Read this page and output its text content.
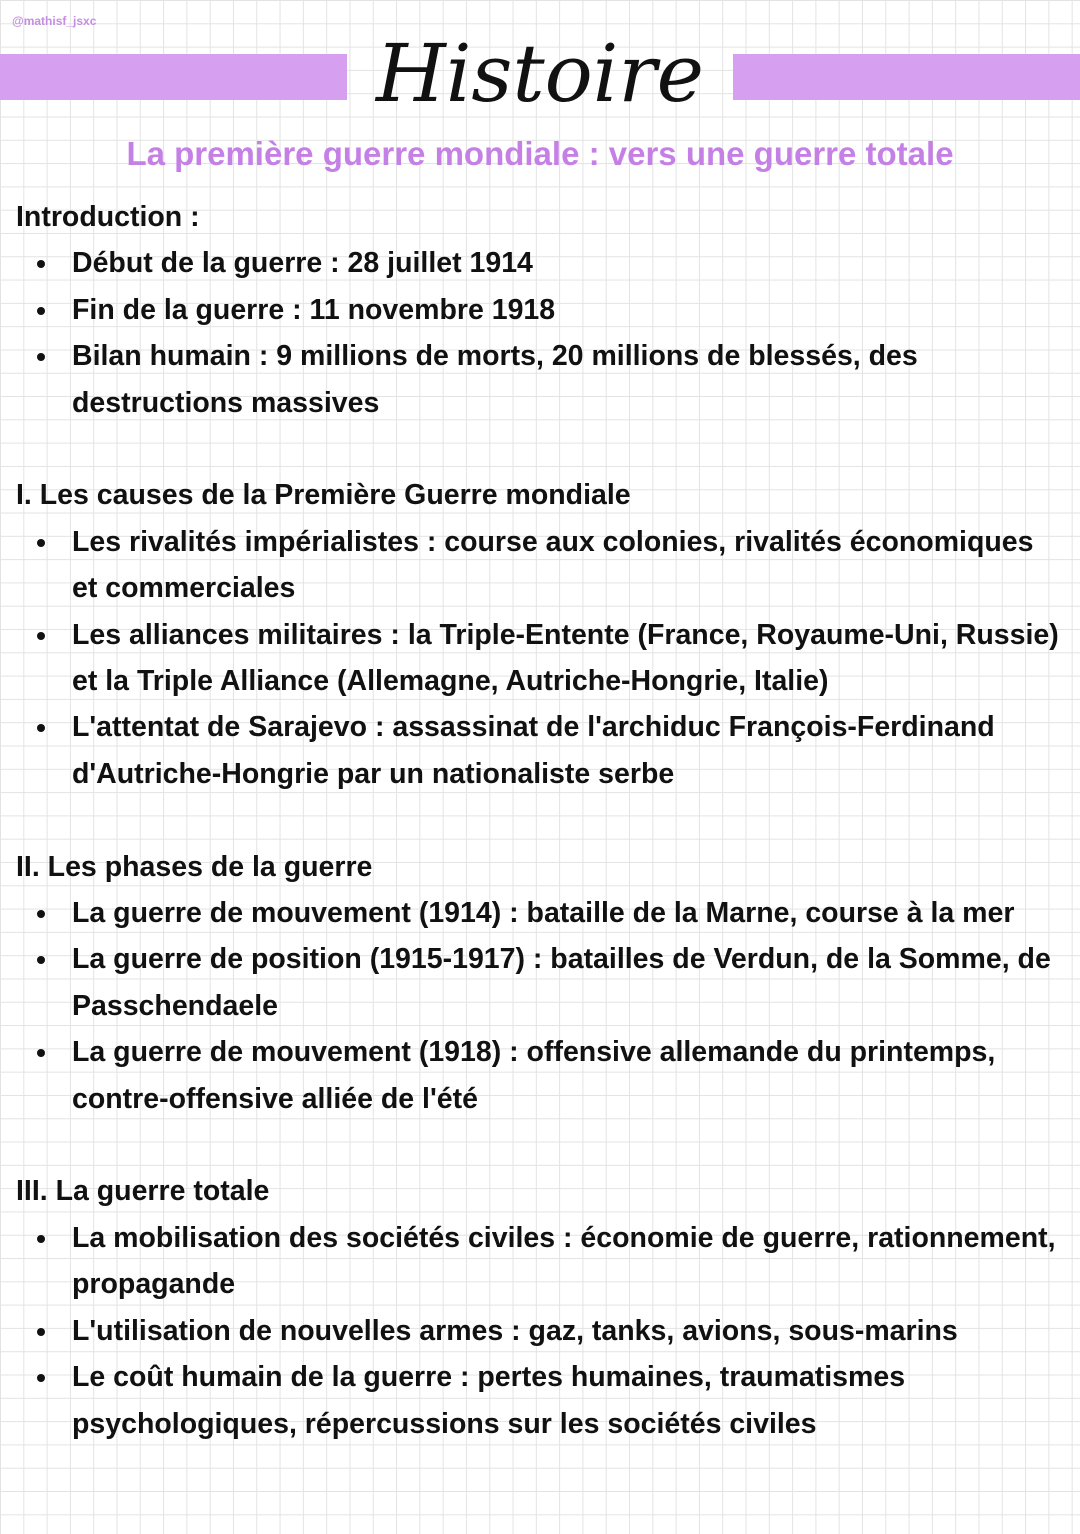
@mathisf_jsxc
Histoire
La première guerre mondiale : vers une guerre totale
Introduction :
Début de la guerre : 28 juillet 1914
Fin de la guerre : 11 novembre 1918
Bilan humain : 9 millions de morts, 20 millions de blessés, des destructions massives
I. Les causes de la Première Guerre mondiale
Les rivalités impérialistes : course aux colonies, rivalités économiques et commerciales
Les alliances militaires : la Triple-Entente (France, Royaume-Uni, Russie) et la Triple Alliance (Allemagne, Autriche-Hongrie, Italie)
L'attentat de Sarajevo : assassinat de l'archiduc François-Ferdinand d'Autriche-Hongrie par un nationaliste serbe
II. Les phases de la guerre
La guerre de mouvement (1914) : bataille de la Marne, course à la mer
La guerre de position (1915-1917) : batailles de Verdun, de la Somme, de Passchendaele
La guerre de mouvement (1918) : offensive allemande du printemps, contre-offensive alliée de l'été
III. La guerre totale
La mobilisation des sociétés civiles : économie de guerre, rationnement, propagande
L'utilisation de nouvelles armes : gaz, tanks, avions, sous-marins
Le coût humain de la guerre : pertes humaines, traumatismes psychologiques, répercussions sur les sociétés civiles
